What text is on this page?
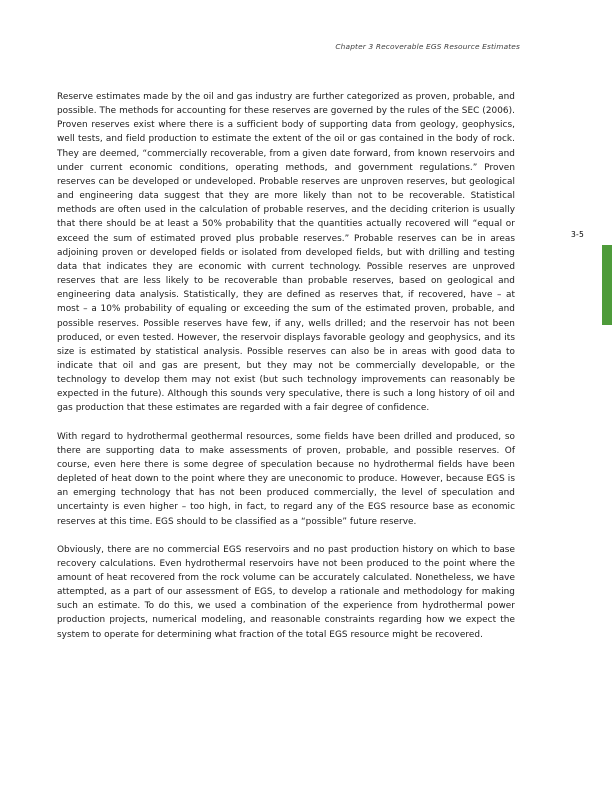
Chapter 3 Recoverable EGS Resource Estimates
3-5

Reserve estimates made by the oil and gas industry are further categorized as proven, probable, and possible. The methods for accounting for these reserves are governed by the rules of the SEC (2006). Proven reserves exist where there is a sufficient body of supporting data from geology, geophysics, well tests, and field production to estimate the extent of the oil or gas contained in the body of rock. They are deemed, “commercially recoverable, from a given date forward, from known reservoirs and under current economic conditions, operating methods, and government regulations.” Proven reserves can be developed or undeveloped. Probable reserves are unproven reserves, but geological and engineering data suggest that they are more likely than not to be recoverable. Statistical methods are often used in the calculation of probable reserves, and the deciding criterion is usually that there should be at least a 50% probability that the quantities actually recovered will “equal or exceed the sum of estimated proved plus probable reserves.” Probable reserves can be in areas adjoining proven or developed fields or isolated from developed fields, but with drilling and testing data that indicates they are economic with current technology. Possible reserves are unproved reserves that are less likely to be recoverable than probable reserves, based on geological and engineering data analysis. Statistically, they are defined as reserves that, if recovered, have – at most – a 10% probability of equaling or exceeding the sum of the estimated proven, probable, and possible reserves. Possible reserves have few, if any, wells drilled; and the reservoir has not been produced, or even tested. However, the reservoir displays favorable geology and geophysics, and its size is estimated by statistical analysis. Possible reserves can also be in areas with good data to indicate that oil and gas are present, but they may not be commercially developable, or the technology to develop them may not exist (but such technology improvements can reasonably be expected in the future). Although this sounds very speculative, there is such a long history of oil and gas production that these estimates are regarded with a fair degree of confidence.

With regard to hydrothermal geothermal resources, some fields have been drilled and produced, so there are supporting data to make assessments of proven, probable, and possible reserves. Of course, even here there is some degree of speculation because no hydrothermal fields have been depleted of heat down to the point where they are uneconomic to produce. However, because EGS is an emerging technology that has not been produced commercially, the level of speculation and uncertainty is even higher – too high, in fact, to regard any of the EGS resource base as economic reserves at this time. EGS should to be classified as a “possible” future reserve.

Obviously, there are no commercial EGS reservoirs and no past production history on which to base recovery calculations. Even hydrothermal reservoirs have not been produced to the point where the amount of heat recovered from the rock volume can be accurately calculated. Nonetheless, we have attempted, as a part of our assessment of EGS, to develop a rationale and methodology for making such an estimate. To do this, we used a combination of the experience from hydrothermal power production projects, numerical modeling, and reasonable constraints regarding how we expect the system to operate for determining what fraction of the total EGS resource might be recovered.
